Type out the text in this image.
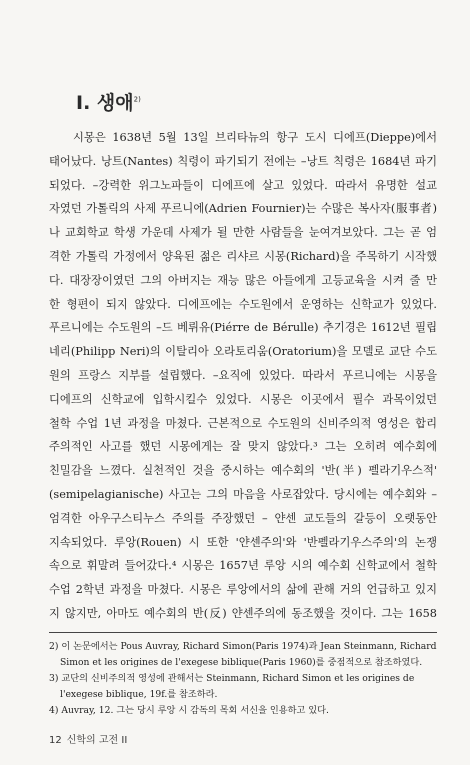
I. 생애$^{2)}$
시몽은 1638년 5월 13일 브리타뉴의 항구 도시 디에프(Dieppe)에서
태어났다. 낭트(Nantes) 칙령이 파기되기 전에는 –낭트 칙령은 1684년 파기
되었다. –강력한 위그노파들이 디에프에 살고 있었다. 따라서 유명한 설교
자였던 가톨릭의 사제 푸르니에(Adrien Fournier)는 수많은 복사자(服事者)
나 교회학교 학생 가운데 사제가 될 만한 사람들을 눈여겨보았다. 그는 곧 엄
격한 가톨릭 가정에서 양육된 젊은 리샤르 시몽(Richard)을 주목하기 시작했
다. 대장장이였던 그의 아버지는 재능 많은 아들에게 고등교육을 시켜 줄 만
한 형편이 되지 않았다. 디에프에는 수도원에서 운영하는 신학교가 있었다.
푸르니에는 수도원의 –드 베뤼유(Piérre de Bérulle) 추기경은 1612년 필립
네리(Philipp Neri)의 이탈리아 오라토리움(Oratorium)을 모델로 교단 수도
원의 프랑스 지부를 설립했다. –요직에 있었다. 따라서 푸르니에는 시몽을
디에프의 신학교에 입학시킬수 있었다. 시몽은 이곳에서 필수 과목이었던
철학 수업 1년 과정을 마쳤다. 근본적으로 수도원의 신비주의적 영성은 합리
주의적인 사고를 했던 시몽에게는 잘 맞지 않았다.³ 그는 오히려 예수회에
친밀감을 느꼈다. 실천적인 것을 중시하는 예수회의 '반(半) 펠라기우스적'
(semipelagianische) 사고는 그의 마음을 사로잡았다. 당시에는 예수회와 –
엄격한 아우구스티누스 주의를 주장했던 – 얀센 교도들의 갈등이 오랫동안
지속되었다. 루앙(Rouen) 시 또한 '얀센주의'와 '반펠라기우스주의'의 논쟁
속으로 휘말려 들어갔다.⁴ 시몽은 1657년 루앙 시의 예수회 신학교에서 철학
수업 2학년 과정을 마쳤다. 시몽은 루앙에서의 삶에 관해 거의 언급하고 있지
지 않지만, 아마도 예수회의 반(反) 얀센주의에 동조했을 것이다. 그는 1658
2) 이 논문에서는 Pous Auvray, Richard Simon(Paris 1974)과 Jean Steinmann, Richard
Simon et les origines de l'exegese biblique(Paris 1960)를 중점적으로 참조하였다.
3) 교단의 신비주의적 영성에 관해서는 Steinmann, Richard Simon et les origines de
l'exegese biblique, 19f.를 참조하라.
4) Auvray, 12. 그는 당시 루앙 시 감독의 목회 서신을 인용하고 있다.
12 신학의 고전 II
